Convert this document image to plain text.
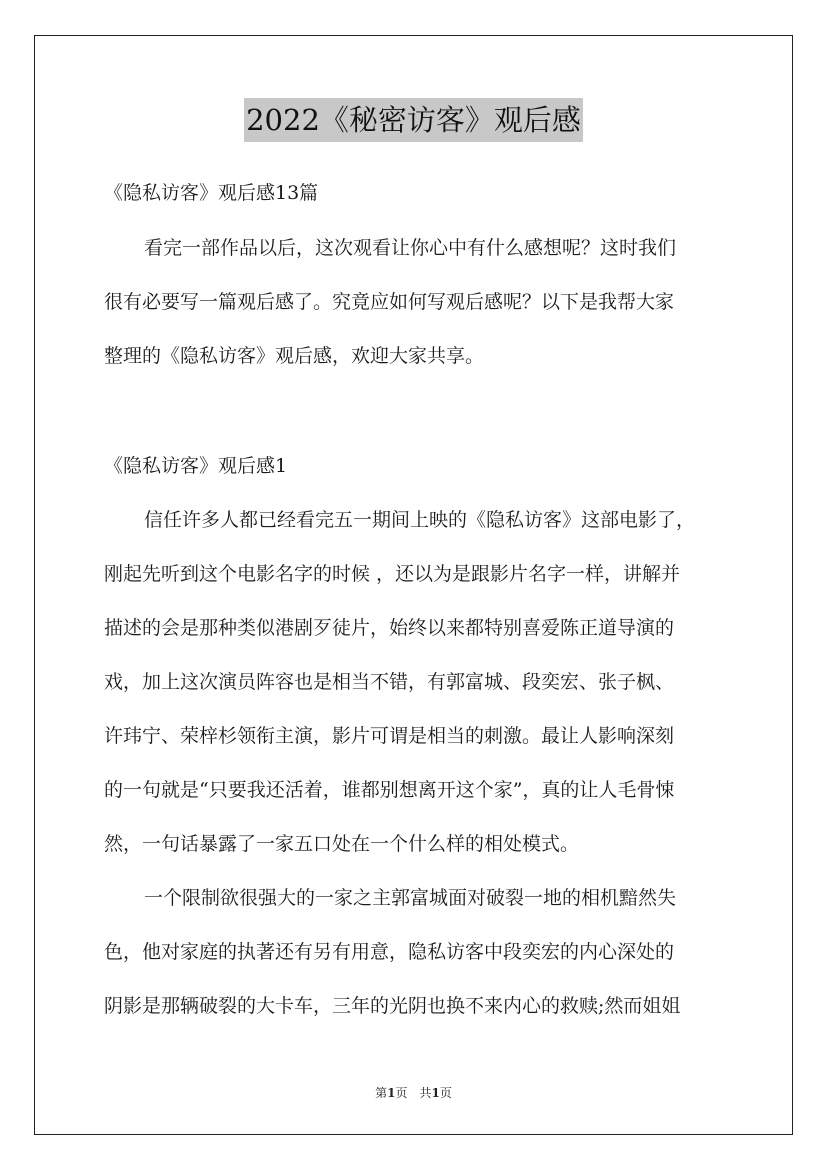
2022《秘密访客》观后感
《隐私访客》观后感13篇
看完一部作品以后，这次观看让你心中有什么感想呢？这时我们
很有必要写一篇观后感了。究竟应如何写观后感呢？以下是我帮大家
整理的《隐私访客》观后感，欢迎大家共享。
《隐私访客》观后感1
信任许多人都已经看完五一期间上映的《隐私访客》这部电影了，
刚起先听到这个电影名字的时候 ，还以为是跟影片名字一样，讲解并
描述的会是那种类似港剧歹徒片，始终以来都特别喜爱陈正道导演的
戏，加上这次演员阵容也是相当不错，有郭富城、段奕宏、张子枫、
许玮宁、荣梓杉领衔主演，影片可谓是相当的刺激。最让人影响深刻
的一句就是“只要我还活着，谁都别想离开这个家”，真的让人毛骨悚
然，一句话暴露了一家五口处在一个什么样的相处模式。
一个限制欲很强大的一家之主郭富城面对破裂一地的相机黯然失
色，他对家庭的执著还有另有用意，隐私访客中段奕宏的内心深处的
阴影是那辆破裂的大卡车，三年的光阴也换不来内心的救赎;然而姐姐
第1页　共1页
